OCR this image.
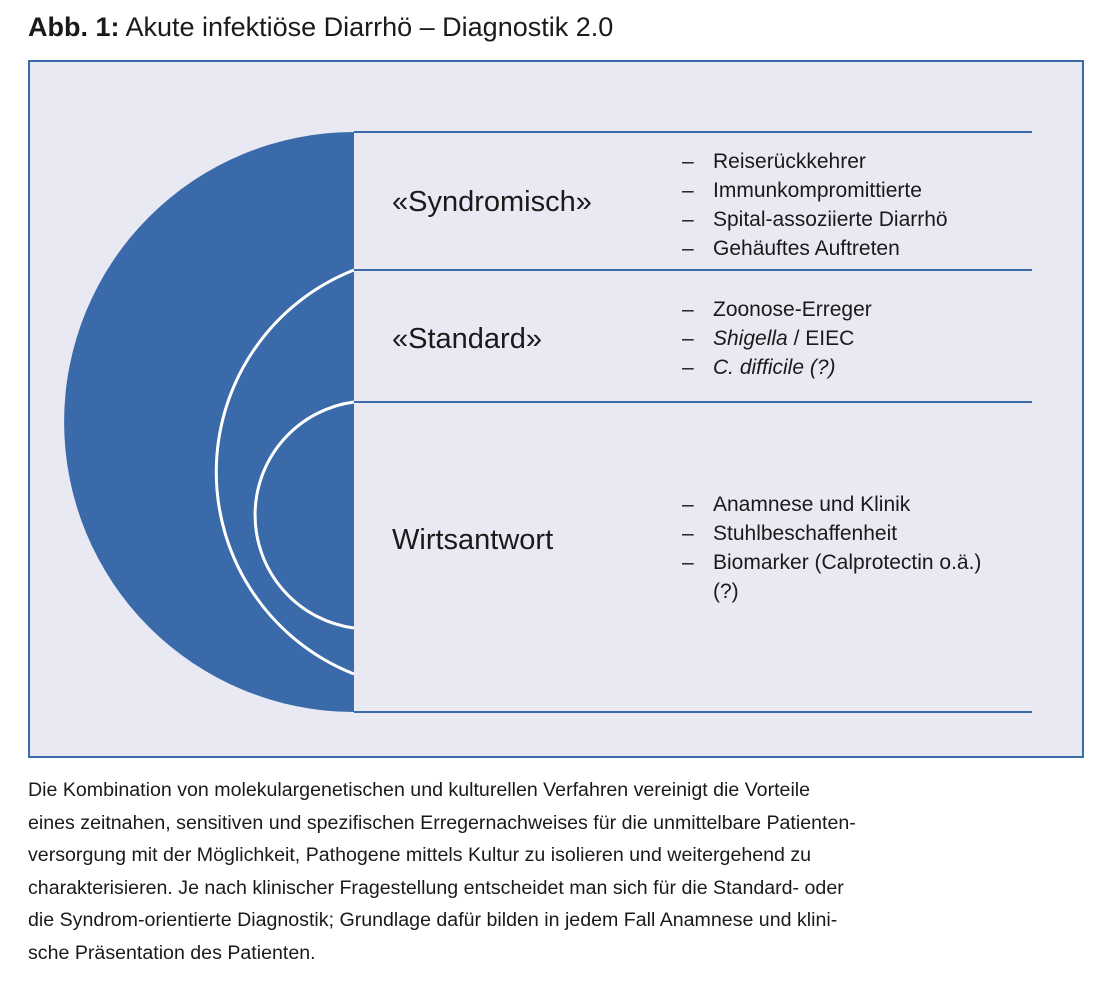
Abb. 1: Akute infektiöse Diarrhö – Diagnostik 2.0
«Syndromisch»
– Reiserückkehrer
– Immunkompromittierte
– Spital-assoziierte Diarrhö
– Gehäuftes Auftreten
«Standard»
– Zoonose-Erreger
– Shigella / EIEC
– C. difficile (?)
Wirtsantwort
– Anamnese und Klinik
– Stuhlbeschaffenheit
– Biomarker (Calprotectin o.ä.) (?)
Die Kombination von molekulargenetischen und kulturellen Verfahren vereinigt die Vorteile
eines zeitnahen, sensitiven und spezifischen Erregernachweises für die unmittelbare Patienten-
versorgung mit der Möglichkeit, Pathogene mittels Kultur zu isolieren und weitergehend zu
charakterisieren. Je nach klinischer Fragestellung entscheidet man sich für die Standard- oder
die Syndrom-orientierte Diagnostik; Grundlage dafür bilden in jedem Fall Anamnese und klini-
sche Präsentation des Patienten.
